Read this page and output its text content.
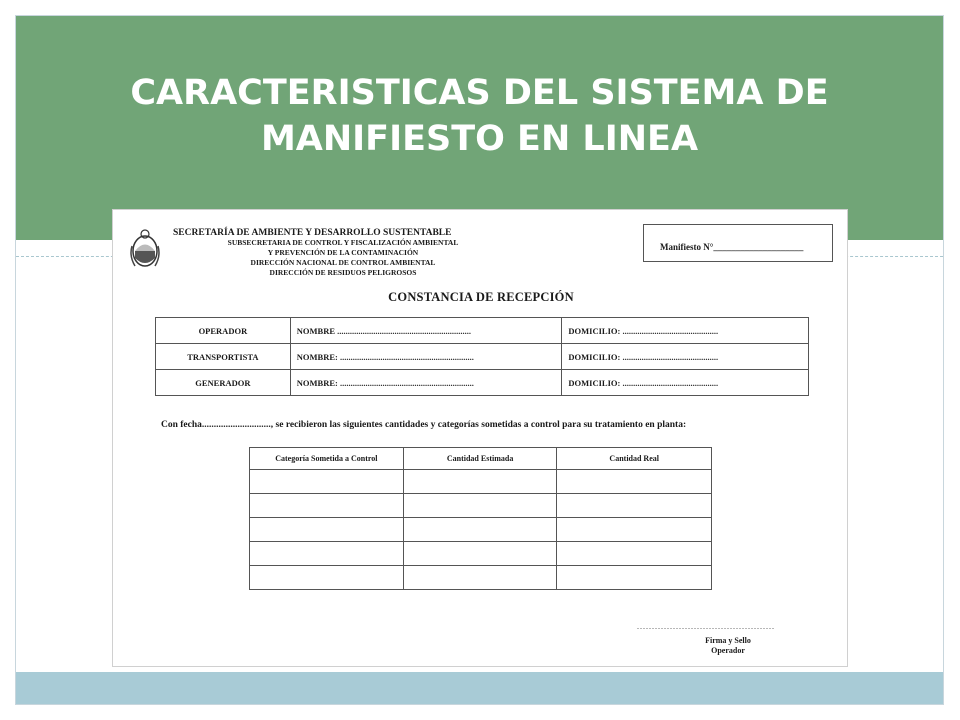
CARACTERISTICAS DEL SISTEMA DE
MANIFIESTO EN LINEA
SECRETARÍA DE AMBIENTE Y DESARROLLO SUSTENTABLE
SUBSECRETARIA DE CONTROL Y FISCALIZACIÓN AMBIENTAL
Y PREVENCIÓN DE LA CONTAMINACIÓN
DIRECCIÓN NACIONAL DE CONTROL AMBIENTAL
DIRECCIÓN DE RESIDUOS PELIGROSOS
Manifiesto N°____________________
CONSTANCIA DE RECEPCIÓN
OPERADOR	NOMBRE ...............................................................	DOMICILIO: .............................................
TRANSPORTISTA	NOMBRE: ...............................................................	DOMICILIO: .............................................
GENERADOR	NOMBRE: ...............................................................	DOMICILIO: .............................................
Con fecha............................., se recibieron las siguientes cantidades y categorías sometidas a control para su tratamiento en planta:
Categoría Sometida a Control	Cantidad Estimada	Cantidad Real

..............................................
Firma y Sello
Operador
